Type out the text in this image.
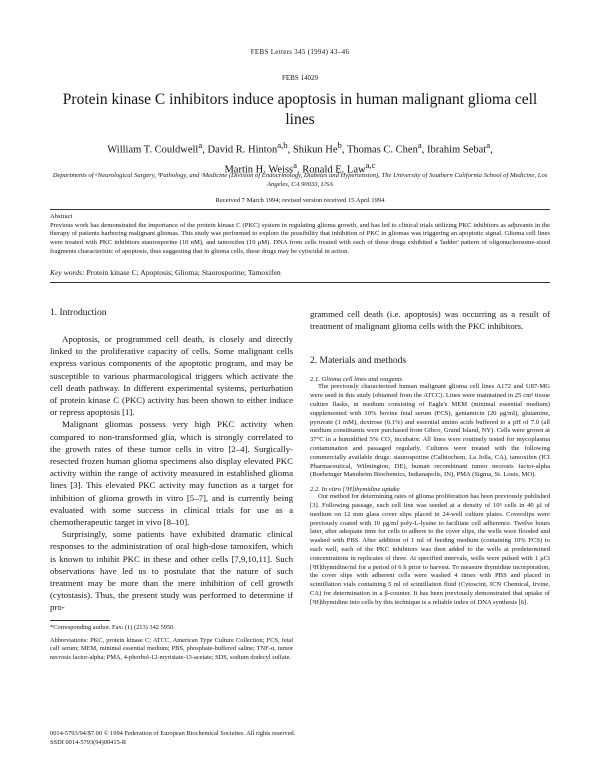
FEBS Letters 345 (1994) 43–46
FEBS 14029
Protein kinase C inhibitors induce apoptosis in human malignant glioma cell lines
William T. Couldwell$^a$, David R. Hinton$^{a,b}$, Shikun He$^b$, Thomas C. Chen$^a$, Ibrahim Sebat$^a$,
Martin H. Weiss$^a$, Ronald E. Law$^{a,c}$
Departments of ᵃNeurological Surgery, ᵇPathology, and ᶜMedicine (Division of Endocrinology, Diabetes and Hypertension), The University of Southern California School of Medicine, Los Angeles, CA 90033, USA
Received 7 March 1994; revised version received 15 April 1994
Abstract
Previous work has demonstrated the importance of the protein kinase C (PKC) system in regulating glioma growth, and has led to clinical trials utilizing PKC inhibitors as adjuvants in the therapy of patients harboring malignant gliomas. This study was performed to explore the possibility that inhibition of PKC in gliomas was triggering an apoptotic signal. Glioma cell lines were treated with PKC inhibitors staurosporine (10 nM), and tamoxifen (10 μM). DNA from cells treated with each of these drugs exhibited a 'ladder' pattern of oligonucleosome-sized fragments characteristic of apoptosis, thus suggesting that in glioma cells, these drugs may be cytocidal in action.
Key words: Protein kinase C; Apoptosis; Glioma; Staurosporine; Tamoxifen
1. Introduction

Apoptosis, or programmed cell death, is closely and directly linked to the proliferative capacity of cells. Some malignant cells express various components of the apoptotic program, and may be susceptible to various pharmacological triggers which activate the cell death pathway. In different experimental systems, perturbation of protein kinase C (PKC) activity has been shown to either induce or repress apoptosis [1].

Malignant gliomas possess very high PKC activity when compared to non-transformed glia, which is strongly correlated to the growth rates of these tumor cells in vitro [2–4]. Surgically-resected frozen human glioma specimens also display elevated PKC activity within the range of activity measured in established glioma lines [3]. This elevated PKC activity may function as a target for inhibition of glioma growth in vitro [5–7], and is currently being evaluated with some success in clinical trials for use as a chemotherapeutic target in vivo [8–10].

Surprisingly, some patients have exhibited dramatic clinical responses to the administration of oral high-dose tamoxifen, which is known to inhibit PKC in these and other cells [7,9,10,11]. Such observations have led us to postulate that the nature of such treatment may be more than the mere inhibition of cell growth (cytostasis). Thus, the present study was performed to determine if pro-

*Corresponding author. Fax: (1) (213) 342 5950.

Abbreviations: PKC, protein kinase C; ATCC, American Type Culture Collection; FCS, fetal calf serum; MEM, minimal essential medium; PBS, phosphate-buffered saline; TNF-α, tumor necrosis factor-alpha; PMA, 4-phorbol-12-myristate-13-acetate; SDS, sodium dodecyl sulfate.

grammed cell death (i.e. apoptosis) was occurring as a result of treatment of malignant glioma cells with the PKC inhibitors.

2. Materials and methods
2.1. Glioma cell lines and reagents

The previously characterized human malignant glioma cell lines A172 and U87-MG were used in this study (obtained from the ATCC). Lines were maintained in 25 cm² tissue culture flasks, in medium consisting of Eagle's MEM (minimal essential medium) supplemented with 10% bovine fetal serum (FCS), gentamicin (20 μg/ml), glutamine, pyruvate (1 mM), dextrose (0.1%) and essential amino acids buffered to a pH of 7.0 (all medium constituents were purchased from Gibco, Grand Island, NY). Cells were grown at 37°C in a humidified 5% CO₂ incubator. All lines were routinely tested for mycoplasma contamination and passaged regularly. Cultures were treated with the following commercially available drugs: staurosporine (Calbiochem, La Jolla, CA), tamoxifen (ICI Pharmaceutical, Wilmington, DE), human recombinant tumor necrosis factor-alpha (Boehringer Mannheim Biochemics, Indianapolis, IN), PMA (Sigma, St. Louis, MO).

2.2. In vitro [³H]thymidine uptake

Our method for determining rates of glioma proliferation has been previously published [3]. Following passage, each cell line was seeded at a density of 10⁵ cells in 40 μl of medium on 12 mm glass cover slips placed in 24-well culture plates. Coverslips were previously coated with 10 μg/ml poly-L-lysine to facilitate cell adherence. Twelve hours later, after adequate time for cells to adhere to the cover slips, the wells were flooded and washed with PBS. After addition of 1 ml of feeding medium (containing 10% FCS) to each well, each of the PKC inhibitors was then added to the wells at predetermined concentrations in replicates of three. At specified intervals, wells were pulsed with 1 μCi [³H]thymidine/ml for a period of 6 h prior to harvest. To measure thymidine incorporation, the cover slips with adherent cells were washed 4 times with PBS and placed in scintillation vials containing 5 ml of scintillation fluid (Cytoscint, ICN Chemical, Irvine, CA) for determination in a β-counter. It has been previously demonstrated that uptake of [³H]thymidine into cells by this technique is a reliable index of DNA synthesis [6].

0014-5793/94/$7.00 © 1994 Federation of European Biochemical Societies. All rights reserved.
SSDI 0014-5793(94)00415-R
